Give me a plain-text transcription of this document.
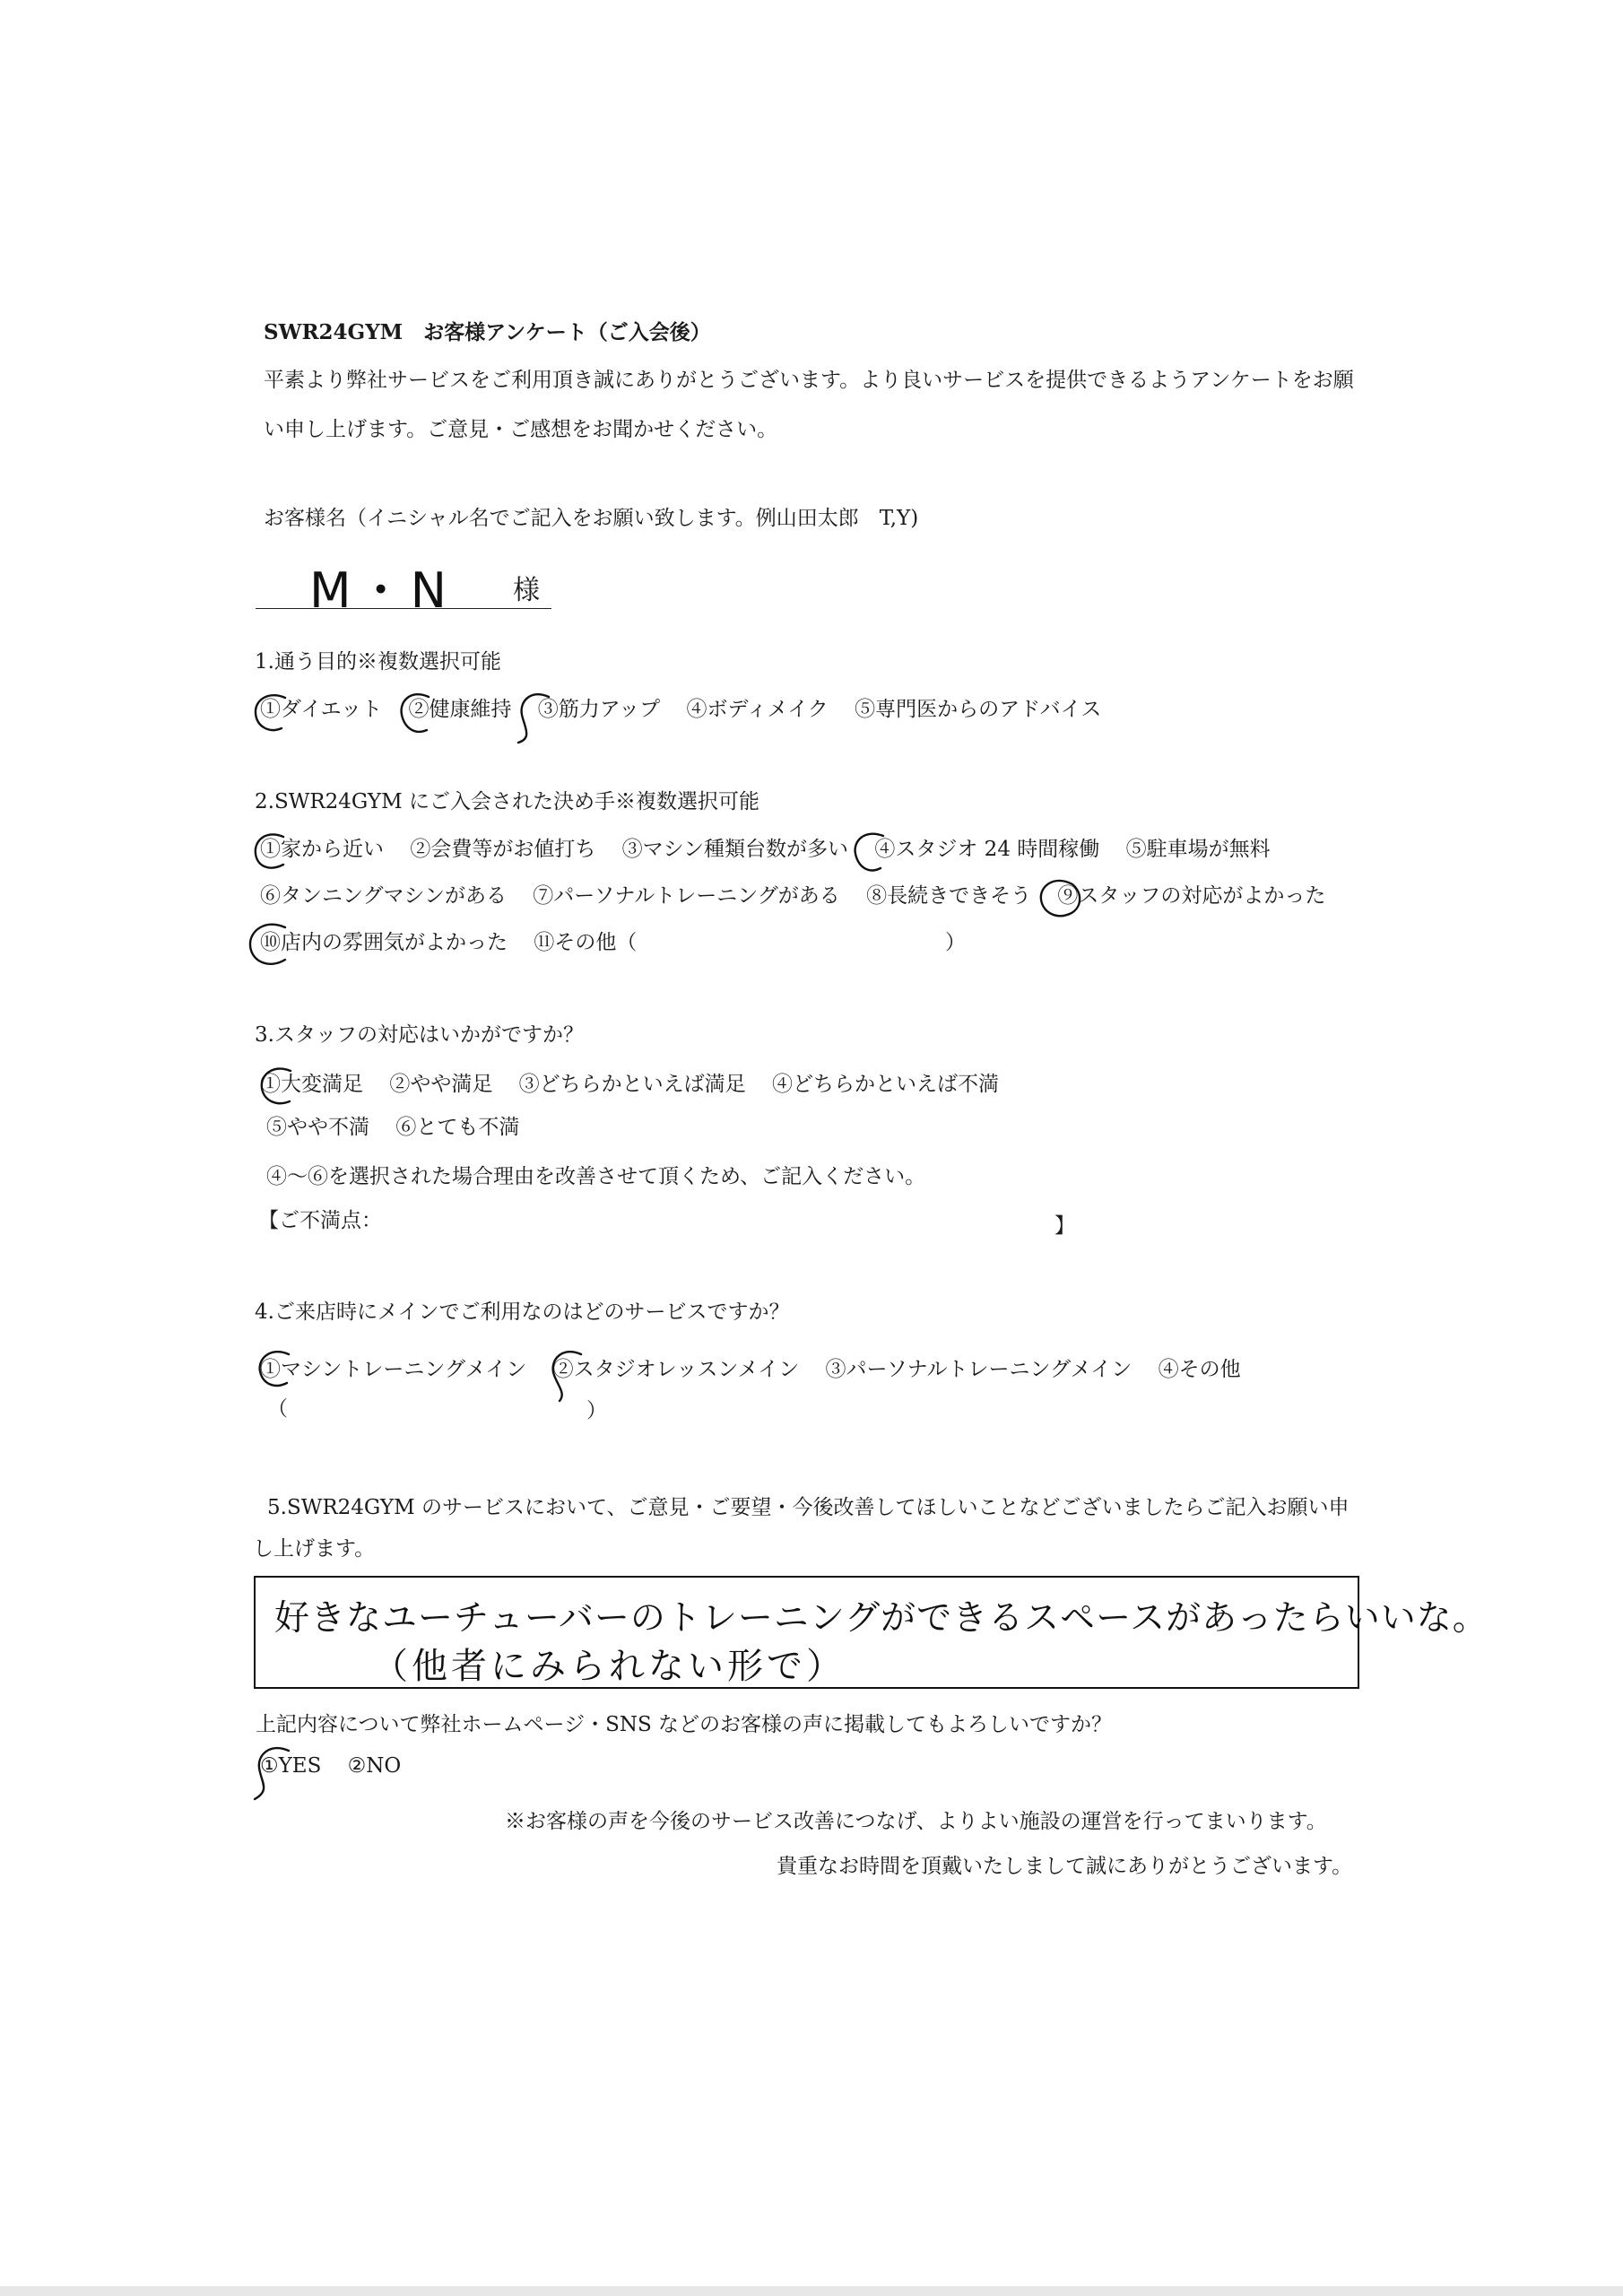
SWR24GYM　お客様アンケート（ご入会後）
平素より弊社サービスをご利用頂き誠にありがとうございます。より良いサービスを提供できるようアンケートをお願
い申し上げます。ご意見・ご感想をお聞かせください。
お客様名（イニシャル名でご記入をお願い致します。例山田太郎　T,Y)
M・N 様
1.通う目的※複数選択可能
①ダイエット ②健康維持 ③筋力アップ ④ボディメイク ⑤専門医からのアドバイス
2.SWR24GYM にご入会された決め手※複数選択可能
①家から近い ②会費等がお値打ち ③マシン種類台数が多い ④スタジオ 24 時間稼働 ⑤駐車場が無料
⑥タンニングマシンがある ⑦パーソナルトレーニングがある ⑧長続きできそう ⑨スタッフの対応がよかった
⑩店内の雰囲気がよかった ⑪その他（	）
3.スタッフの対応はいかがですか？
①大変満足 ②やや満足 ③どちらかといえば満足 ④どちらかといえば不満
⑤やや不満 ⑥とても不満
④～⑥を選択された場合理由を改善させて頂くため、ご記入ください。
【ご不満点：	】
4.ご来店時にメインでご利用なのはどのサービスですか？
①マシントレーニングメイン ②スタジオレッスンメイン ③パーソナルトレーニングメイン ④その他
（	）
5.SWR24GYM のサービスにおいて、ご意見・ご要望・今後改善してほしいことなどございましたらご記入お願い申
し上げます。
好きなユーチューバーのトレーニングができるスペースがあったらいいな。
（他者にみられない形で）
上記内容について弊社ホームページ・SNS などのお客様の声に掲載してもよろしいですか？
①YES ②NO
※お客様の声を今後のサービス改善につなげ、よりよい施設の運営を行ってまいります。
貴重なお時間を頂戴いたしまして誠にありがとうございます。
